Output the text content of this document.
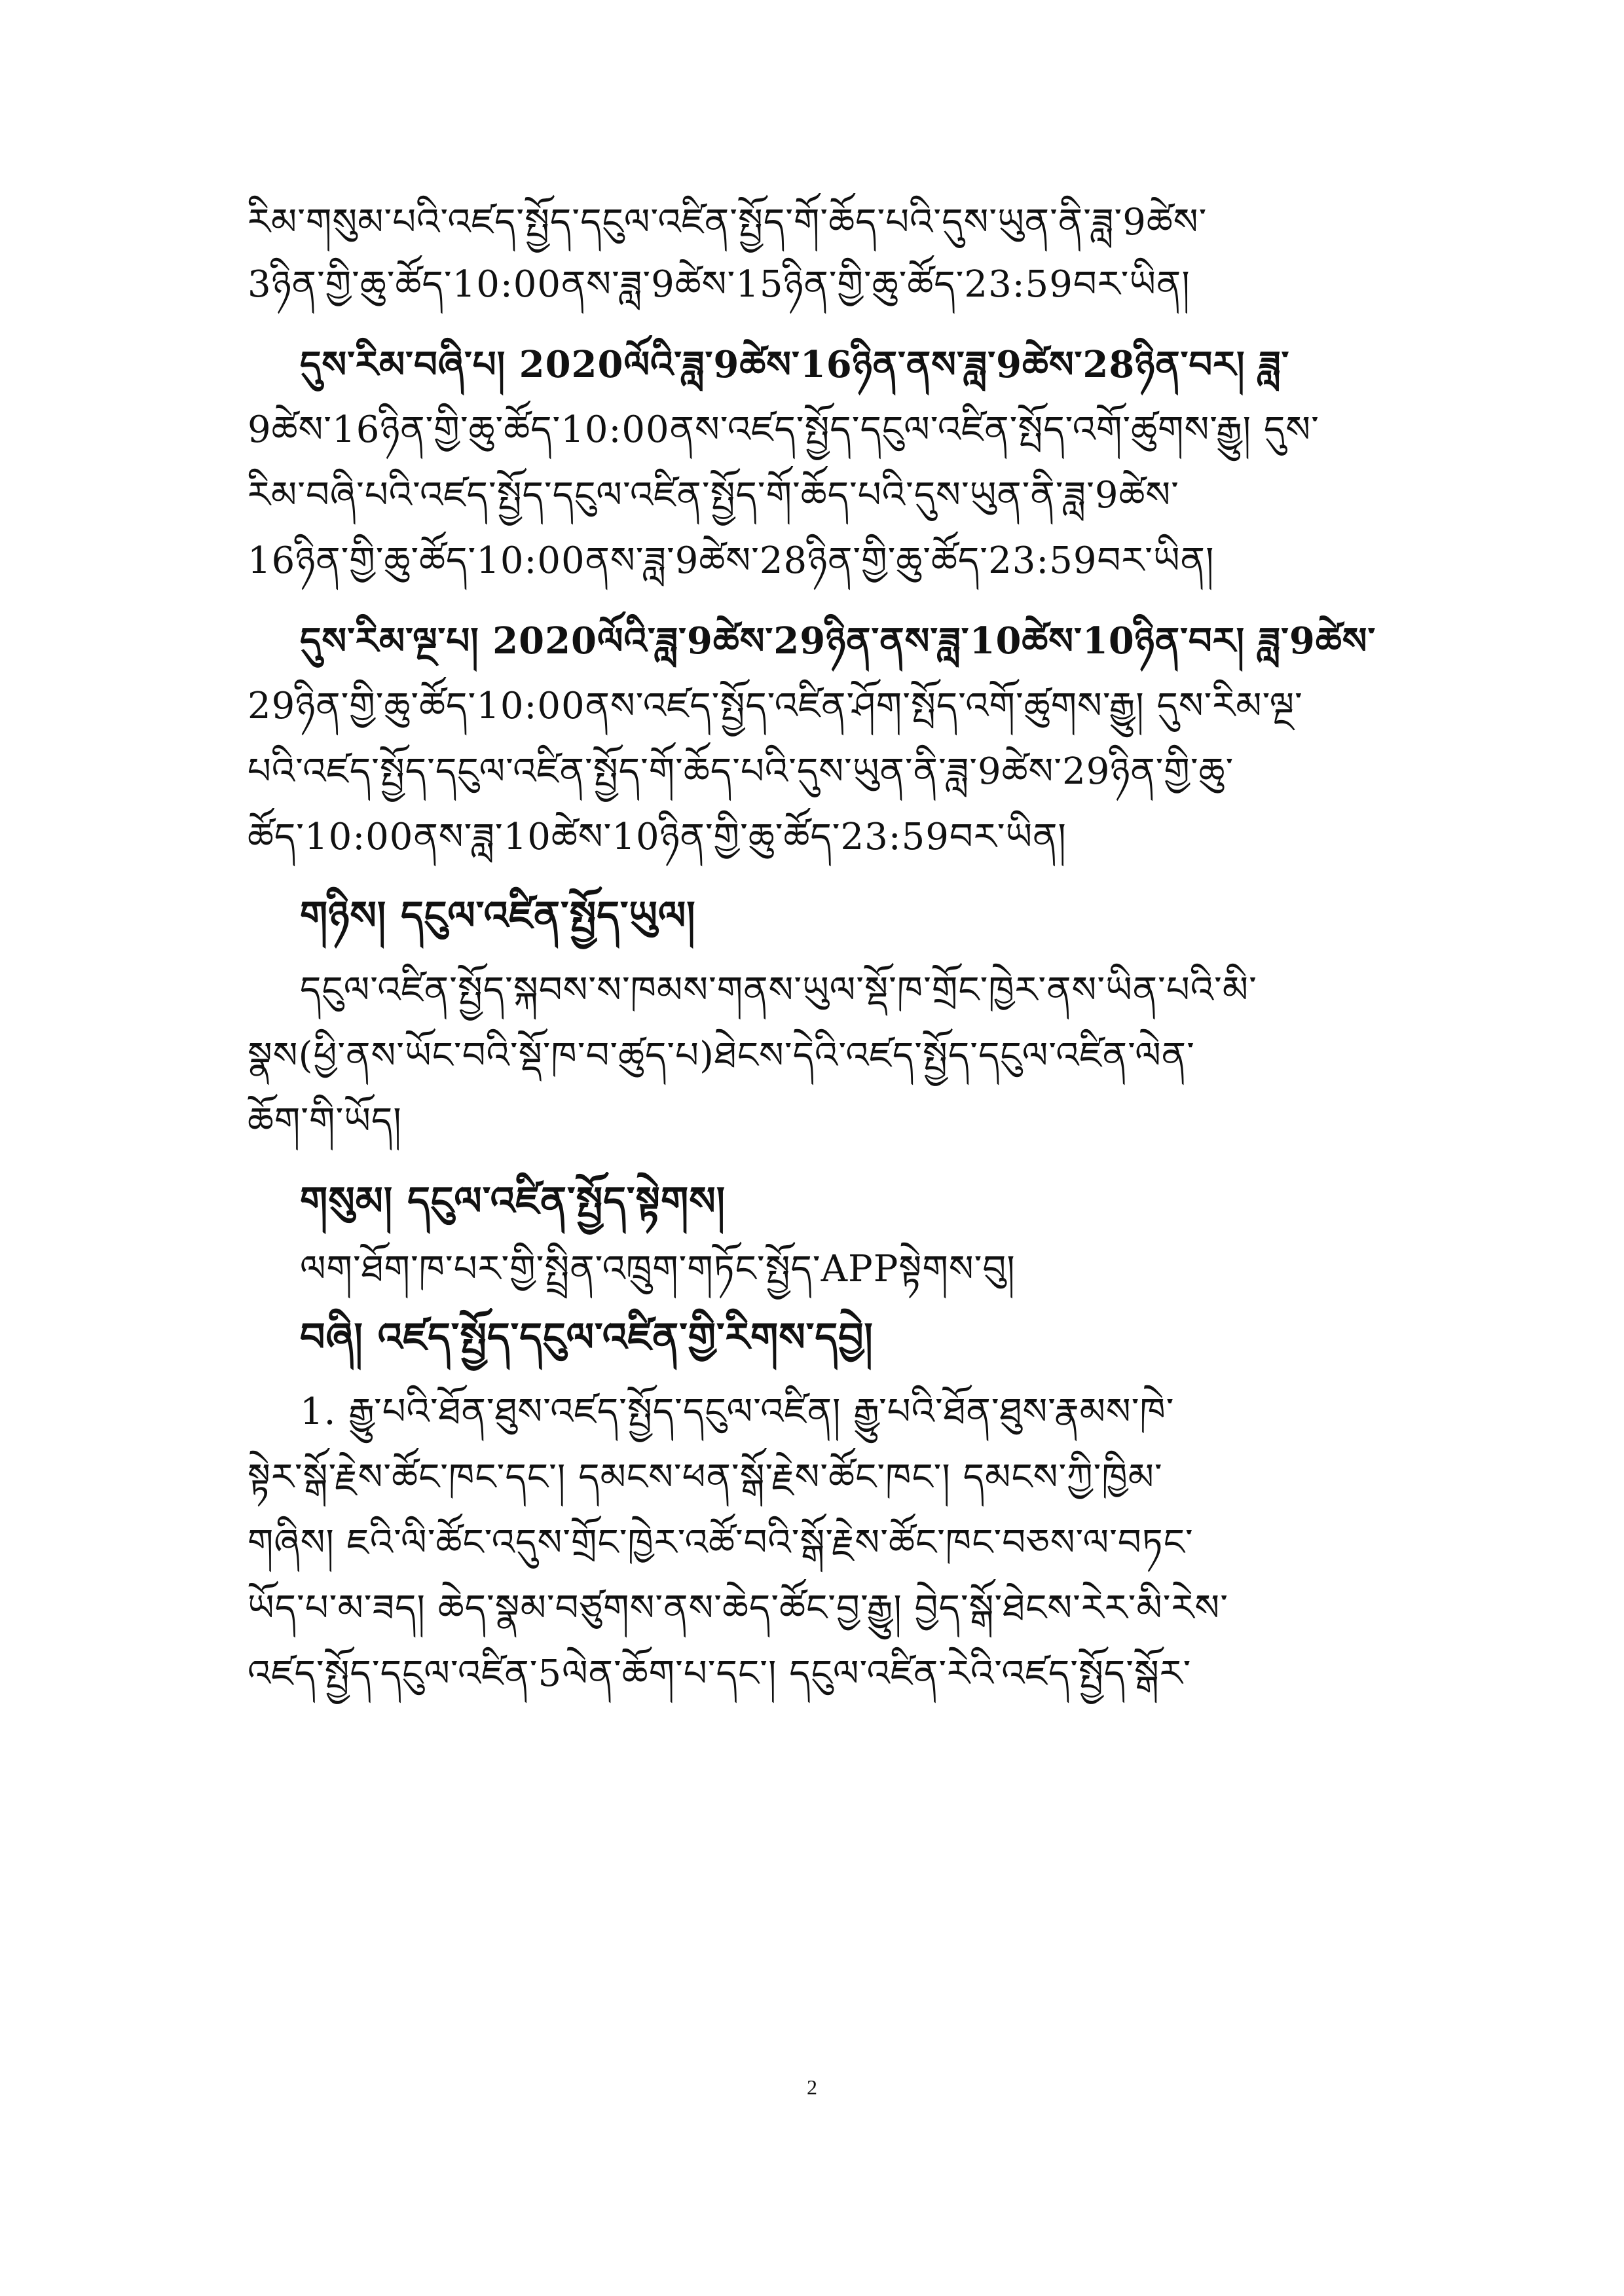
རིམ་གསུམ་པའི་འཛད་སྤྱོད་དངུལ་འཛིན་སྤྱོད་གོ་ཆོད་པའི་དུས་ཡུན་ནི་ཟླ་9ཚེས་
3ཉིན་གྱི་ཆུ་ཚོད་10:00ནས་ཟླ་9ཚེས་15ཉིན་གྱི་ཆུ་ཚོད་23:59བར་ཡིན།
དུས་རིམ་བཞི་པ། 2020ལོའི་ཟླ་9ཚེས་16ཉིན་ནས་ཟླ་9ཚེས་28ཉིན་བར། ཟླ་
9ཚེས་16ཉིན་གྱི་ཆུ་ཚོད་10:00ནས་འཛད་སྤྱོད་དངུལ་འཛིན་སྤོད་འགོ་ཚུགས་རྒྱུ། དུས་
རིམ་བཞི་པའི་འཛད་སྤྱོད་དངུལ་འཛིན་སྤྱོད་གོ་ཆོད་པའི་དུས་ཡུན་ནི་ཟླ་9ཚེས་
16ཉིན་གྱི་ཆུ་ཚོད་10:00ནས་ཟླ་9ཚེས་28ཉིན་གྱི་ཆུ་ཚོད་23:59བར་ཡིན།
དུས་རིམ་ལྔ་པ། 2020ལོའི་ཟླ་9ཚེས་29ཉིན་ནས་ཟླ་10ཚེས་10ཉིན་བར། ཟླ་9ཚེས་
29ཉིན་གྱི་ཆུ་ཚོད་10:00ནས་འཛད་སྤྱོད་འཛིན་ཤོག་སྤོད་འགོ་ཚུགས་རྒྱུ། དུས་རིམ་ལྔ་
པའི་འཛད་སྤྱོད་དངུལ་འཛིན་སྤྱོད་གོ་ཆོད་པའི་དུས་ཡུན་ནི་ཟླ་9ཚེས་29ཉིན་གྱི་ཆུ་
ཚོད་10:00ནས་ཟླ་10ཚེས་10ཉིན་གྱི་ཆུ་ཚོད་23:59བར་ཡིན།
གཉིས། དངུལ་འཛིན་སྤྱོད་ཡུལ།
དངུལ་འཛིན་སྤྱོད་སྐབས་ས་ཁམས་གནས་ཡུལ་སྡོ་ཁ་གྲོང་ཁྱེར་ནས་ཡིན་པའི་མི་
སྣས(ཕྱི་ནས་ཡོང་བའི་སྡོ་ཁ་བ་ཚུད་པ)ཐེངས་དེའི་འཛད་སྤྱོད་དངུལ་འཛིན་ལེན་
ཆོག་གི་ཡོད།
གསུམ། དངུལ་འཛིན་སྤྱོད་སྟེགས།
ལག་ཐོག་ཁ་པར་གྱི་སྤྲིན་འཁྲུག་གཏོང་སྤྱོད་APPསྟེགས་བུ།
བཞི། འཛད་སྤྱོད་དངུལ་འཛིན་གྱི་རིགས་དབྱེ།
1. རྒྱུ་པའི་ཐོན་ཐུས་འཛད་སྤྱོད་དངུལ་འཛིན། རྒྱུ་པའི་ཐོན་ཐུས་རྣམས་ཁེ་
སྟེར་སྒོ་རྗེས་ཚོང་ཁང་དང་། དམངས་ཕན་སྒོ་རྗེས་ཚོང་ཁང་། དམངས་ཀྱི་ཁྱིམ་
གཞིས། ཇའི་ལི་ཚོང་འདུས་གྲོང་ཁྱེར་འཚོ་བའི་སྒོ་རྗེས་ཚོང་ཁང་བཅས་ལ་བཏང་
ཡོད་པ་མ་ཟད། ཆེད་སྣམ་བཙུགས་ནས་ཆེད་ཚོང་བྱ་རྒྱུ། བྱེད་སྒོ་ཐེངས་རེར་མི་རེས་
འཛད་སྤྱོད་དངུལ་འཛིན་5ལེན་ཆོག་པ་དང་། དངུལ་འཛིན་རེའི་འཛད་སྤྱོད་སྒོར་
2
